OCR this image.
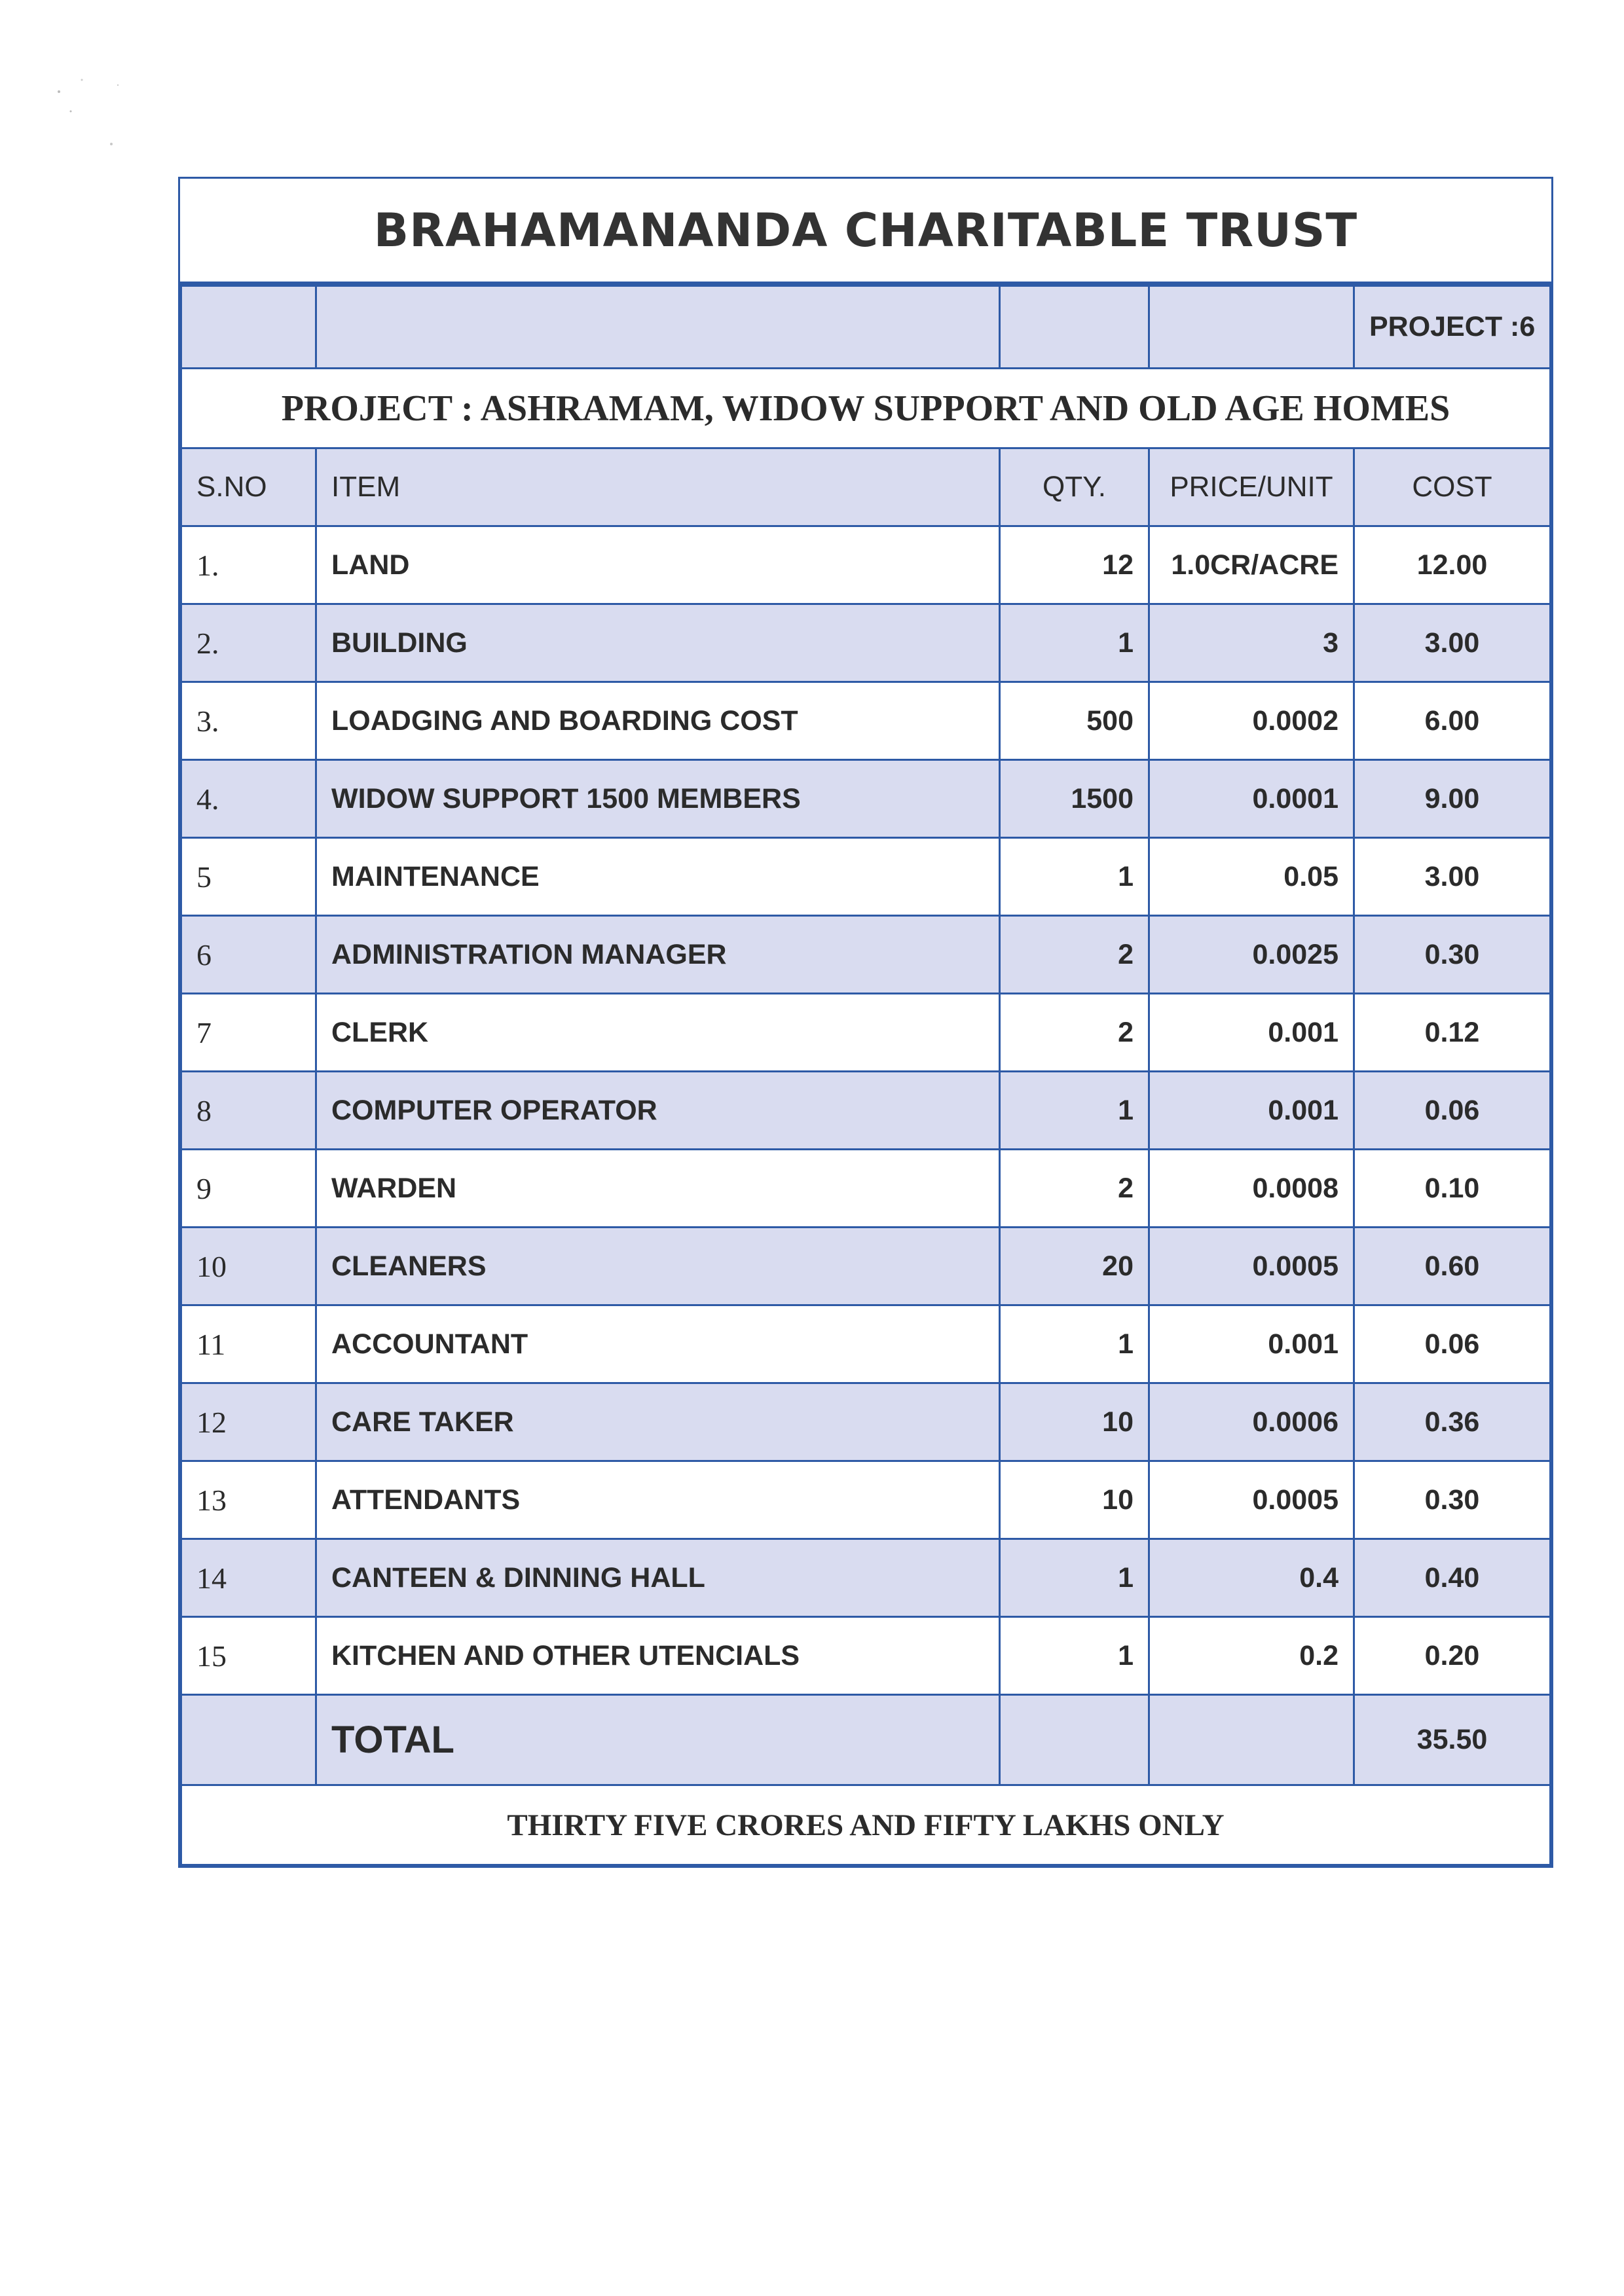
BRAHAMANANDA CHARITABLE TRUST
				PROJECT :6
PROJECT : ASHRAMAM, WIDOW SUPPORT AND OLD AGE HOMES				
S.NO	ITEM	QTY.	PRICE/UNIT	COST
1.	LAND	12	1.0CR/ACRE	12.00
2.	BUILDING	1	3	3.00
3.	LOADGING AND BOARDING COST	500	0.0002	6.00
4.	WIDOW SUPPORT 1500 MEMBERS	1500	0.0001	9.00
5	MAINTENANCE	1	0.05	3.00
6	ADMINISTRATION MANAGER	2	0.0025	0.30
7	CLERK	2	0.001	0.12
8	COMPUTER OPERATOR	1	0.001	0.06
9	WARDEN	2	0.0008	0.10
10	CLEANERS	20	0.0005	0.60
11	ACCOUNTANT	1	0.001	0.06
12	CARE TAKER	10	0.0006	0.36
13	ATTENDANTS	10	0.0005	0.30
14	CANTEEN & DINNING HALL	1	0.4	0.40
15	KITCHEN AND OTHER UTENCIALS	1	0.2	0.20
	TOTAL			35.50
THIRTY FIVE CRORES AND FIFTY LAKHS ONLY				
